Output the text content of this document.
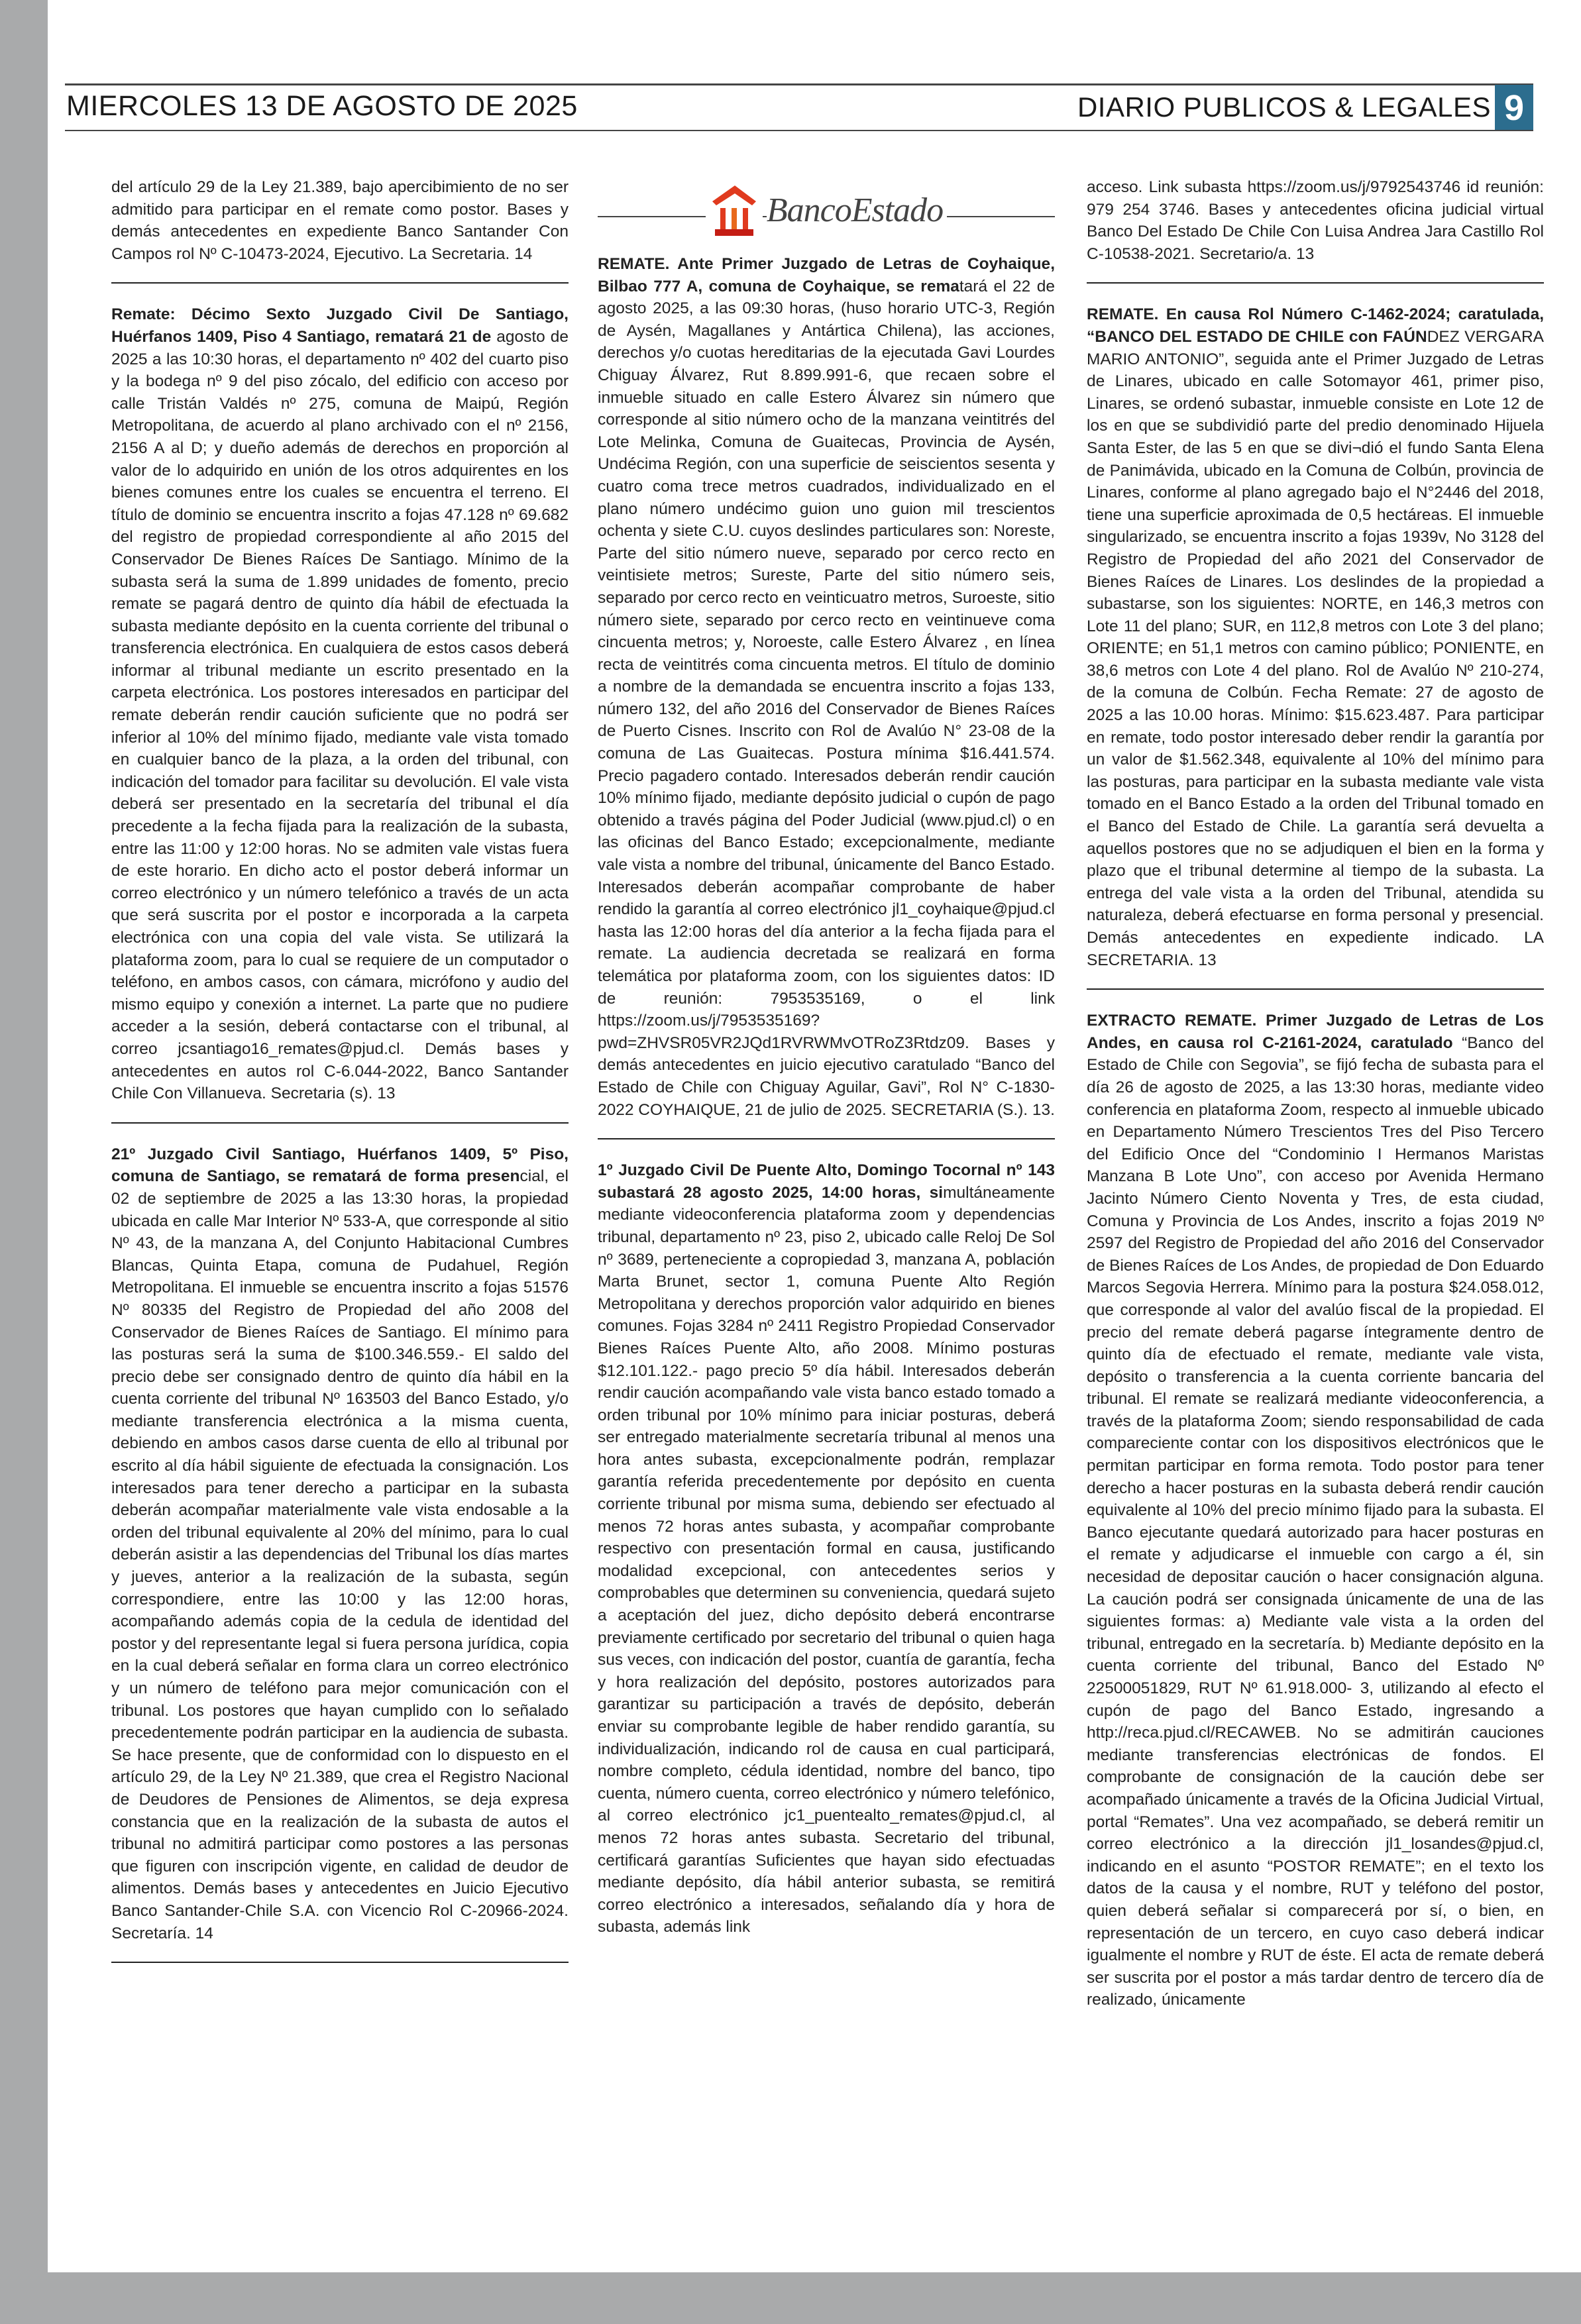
MIERCOLES 13 DE AGOSTO DE 2025	DIARIO PUBLICOS & LEGALES 9

del artículo 29 de la Ley 21.389, bajo apercibimiento de no ser admitido para participar en el remate como postor. Bases y demás antecedentes en expediente Banco Santander Con Campos rol Nº C-10473-2024, Ejecutivo. La Secretaria. 14

Remate: Décimo Sexto Juzgado Civil De Santiago, Huérfanos 1409, Piso 4 Santiago, rematará 21 de agosto de 2025 a las 10:30 horas, el departamento nº 402 del cuarto piso y la bodega nº 9 del piso zócalo, del edificio con acceso por calle Tristán Valdés nº 275, comuna de Maipú, Región Metropolitana, de acuerdo al plano archivado con el nº 2156, 2156 A al D; y dueño además de derechos en proporción al valor de lo adquirido en unión de los otros adquirentes en los bienes comunes entre los cuales se encuentra el terreno. El título de dominio se encuentra inscrito a fojas 47.128 nº 69.682 del registro de propiedad correspondiente al año 2015 del Conservador De Bienes Raíces De Santiago. Mínimo de la subasta será la suma de 1.899 unidades de fomento, precio remate se pagará dentro de quinto día hábil de efectuada la subasta mediante depósito en la cuenta corriente del tribunal o transferencia electrónica. En cualquiera de estos casos deberá informar al tribunal mediante un escrito presentado en la carpeta electrónica. Los postores interesados en participar del remate deberán rendir caución suficiente que no podrá ser inferior al 10% del mínimo fijado, mediante vale vista tomado en cualquier banco de la plaza, a la orden del tribunal, con indicación del tomador para facilitar su devolución. El vale vista deberá ser presentado en la secretaría del tribunal el día precedente a la fecha fijada para la realización de la subasta, entre las 11:00 y 12:00 horas. No se admiten vale vistas fuera de este horario. En dicho acto el postor deberá informar un correo electrónico y un número telefónico a través de un acta que será suscrita por el postor e incorporada a la carpeta electrónica con una copia del vale vista. Se utilizará la plataforma zoom, para lo cual se requiere de un computador o teléfono, en ambos casos, con cámara, micrófono y audio del mismo equipo y conexión a internet. La parte que no pudiere acceder a la sesión, deberá contactarse con el tribunal, al correo jcsantiago16_remates@pjud.cl. Demás bases y antecedentes en autos rol C-6.044-2022, Banco Santander Chile Con Villanueva. Secretaria (s). 13

21º Juzgado Civil Santiago, Huérfanos 1409, 5º Piso, comuna de Santiago, se rematará de forma presencial, el 02 de septiembre de 2025 a las 13:30 horas, la propiedad ubicada en calle Mar Interior Nº 533-A, que corresponde al sitio Nº 43, de la manzana A, del Conjunto Habitacional Cumbres Blancas, Quinta Etapa, comuna de Pudahuel, Región Metropolitana. El inmueble se encuentra inscrito a fojas 51576 Nº 80335 del Registro de Propiedad del año 2008 del Conservador de Bienes Raíces de Santiago. El mínimo para las posturas será la suma de $100.346.559.- El saldo del precio debe ser consignado dentro de quinto día hábil en la cuenta corriente del tribunal Nº 163503 del Banco Estado, y/o mediante transferencia electrónica a la misma cuenta, debiendo en ambos casos darse cuenta de ello al tribunal por escrito al día hábil siguiente de efectuada la consignación. Los interesados para tener derecho a participar en la subasta deberán acompañar materialmente vale vista endosable a la orden del tribunal equivalente al 20% del mínimo, para lo cual deberán asistir a las dependencias del Tribunal los días martes y jueves, anterior a la realización de la subasta, según correspondiere, entre las 10:00 y las 12:00 horas, acompañando además copia de la cedula de identidad del postor y del representante legal si fuera persona jurídica, copia en la cual deberá señalar en forma clara un correo electrónico y un número de teléfono para mejor comunicación con el tribunal. Los postores que hayan cumplido con lo señalado precedentemente podrán participar en la audiencia de subasta. Se hace presente, que de conformidad con lo dispuesto en el artículo 29, de la Ley Nº 21.389, que crea el Registro Nacional de Deudores de Pensiones de Alimentos, se deja expresa constancia que en la realización de la subasta de autos el tribunal no admitirá participar como postores a las personas que figuren con inscripción vigente, en calidad de deudor de alimentos. Demás bases y antecedentes en Juicio Ejecutivo Banco Santander-Chile S.A. con Vicencio Rol C-20966-2024. Secretaría. 14

BancoEstado

REMATE. Ante Primer Juzgado de Letras de Coyhaique, Bilbao 777 A, comuna de Coyhaique, se rematará el 22 de agosto 2025, a las 09:30 horas, (huso horario UTC-3, Región de Aysén, Magallanes y Antártica Chilena), las acciones, derechos y/o cuotas hereditarias de la ejecutada Gavi Lourdes Chiguay Álvarez, Rut 8.899.991-6, que recaen sobre el inmueble situado en calle Estero Álvarez sin número que corresponde al sitio número ocho de la manzana veintitrés del Lote Melinka, Comuna de Guaitecas, Provincia de Aysén, Undécima Región, con una superficie de seiscientos sesenta y cuatro coma trece metros cuadrados, individualizado en el plano número undécimo guion uno guion mil trescientos ochenta y siete C.U. cuyos deslindes particulares son: Noreste, Parte del sitio número nueve, separado por cerco recto en veintisiete metros; Sureste, Parte del sitio número seis, separado por cerco recto en veinticuatro metros, Suroeste, sitio número siete, separado por cerco recto en veintinueve coma cincuenta metros; y, Noroeste, calle Estero Álvarez , en línea recta de veintitrés coma cincuenta metros. El título de dominio a nombre de la demandada se encuentra inscrito a fojas 133, número 132, del año 2016 del Conservador de Bienes Raíces de Puerto Cisnes. Inscrito con Rol de Avalúo N° 23-08 de la comuna de Las Guaitecas. Postura mínima $16.441.574. Precio pagadero contado. Interesados deberán rendir caución 10% mínimo fijado, mediante depósito judicial o cupón de pago obtenido a través página del Poder Judicial (www.pjud.cl) o en las oficinas del Banco Estado; excepcionalmente, mediante vale vista a nombre del tribunal, únicamente del Banco Estado. Interesados deberán acompañar comprobante de haber rendido la garantía al correo electrónico jl1_coyhaique@pjud.cl hasta las 12:00 horas del día anterior a la fecha fijada para el remate. La audiencia decretada se realizará en forma telemática por plataforma zoom, con los siguientes datos: ID de reunión: 7953535169, o el link https://zoom.us/j/7953535169?pwd=ZHVSR05VR2JQd1RVRWMvOTRoZ3Rtdz09. Bases y demás antecedentes en juicio ejecutivo caratulado “Banco del Estado de Chile con Chiguay Aguilar, Gavi”, Rol N° C-1830-2022 COYHAIQUE, 21 de julio de 2025. SECRETARIA (S.). 13.

1º Juzgado Civil De Puente Alto, Domingo Tocornal nº 143 subastará 28 agosto 2025, 14:00 horas, simultáneamente mediante videoconferencia plataforma zoom y dependencias tribunal, departamento nº 23, piso 2, ubicado calle Reloj De Sol nº 3689, perteneciente a copropiedad 3, manzana A, población Marta Brunet, sector 1, comuna Puente Alto Región Metropolitana y derechos proporción valor adquirido en bienes comunes. Fojas 3284 nº 2411 Registro Propiedad Conservador Bienes Raíces Puente Alto, año 2008. Mínimo posturas $12.101.122.- pago precio 5º día hábil. Interesados deberán rendir caución acompañando vale vista banco estado tomado a orden tribunal por 10% mínimo para iniciar posturas, deberá ser entregado materialmente secretaría tribunal al menos una hora antes subasta, excepcionalmente podrán, remplazar garantía referida precedentemente por depósito en cuenta corriente tribunal por misma suma, debiendo ser efectuado al menos 72 horas antes subasta, y acompañar comprobante respectivo con presentación formal en causa, justificando modalidad excepcional, con antecedentes serios y comprobables que determinen su conveniencia, quedará sujeto a aceptación del juez, dicho depósito deberá encontrarse previamente certificado por secretario del tribunal o quien haga sus veces, con indicación del postor, cuantía de garantía, fecha y hora realización del depósito, postores autorizados para garantizar su participación a través de depósito, deberán enviar su comprobante legible de haber rendido garantía, su individualización, indicando rol de causa en cual participará, nombre completo, cédula identidad, nombre del banco, tipo cuenta, número cuenta, correo electrónico y número telefónico, al correo electrónico jc1_puentealto_remates@pjud.cl, al menos 72 horas antes subasta. Secretario del tribunal, certificará garantías Suficientes que hayan sido efectuadas mediante depósito, día hábil anterior subasta, se remitirá correo electrónico a interesados, señalando día y hora de subasta, además link

acceso. Link subasta https://zoom.us/j/9792543746 id reunión: 979 254 3746. Bases y antecedentes oficina judicial virtual Banco Del Estado De Chile Con Luisa Andrea Jara Castillo Rol C-10538-2021. Secretario/a. 13

REMATE. En causa Rol Número C-1462-2024; caratulada, “BANCO DEL ESTADO DE CHILE con FAÚNDEZ VERGARA MARIO ANTONIO”, seguida ante el Primer Juzgado de Letras de Linares, ubicado en calle Sotomayor 461, primer piso, Linares, se ordenó subastar, inmueble consiste en Lote 12 de los en que se subdividió parte del predio denominado Hijuela Santa Ester, de las 5 en que se divi¬dió el fundo Santa Elena de Panimávida, ubicado en la Comuna de Colbún, provincia de Linares, conforme al plano agregado bajo el N°2446 del 2018, tiene una superficie aproximada de 0,5 hectáreas. El inmueble singularizado, se encuentra inscrito a fojas 1939v, No 3128 del Registro de Propiedad del año 2021 del Conservador de Bienes Raíces de Linares. Los deslindes de la propiedad a subastarse, son los siguientes: NORTE, en 146,3 metros con Lote 11 del plano; SUR, en 112,8 metros con Lote 3 del plano; ORIENTE; en 51,1 metros con camino público; PONIENTE, en 38,6 metros con Lote 4 del plano. Rol de Avalúo Nº 210-274, de la comuna de Colbún. Fecha Remate: 27 de agosto de 2025 a las 10.00 horas. Mínimo: $15.623.487. Para participar en remate, todo postor interesado deber rendir la garantía por un valor de $1.562.348, equivalente al 10% del mínimo para las posturas, para participar en la subasta mediante vale vista tomado en el Banco Estado a la orden del Tribunal tomado en el Banco del Estado de Chile. La garantía será devuelta a aquellos postores que no se adjudiquen el bien en la forma y plazo que el tribunal determine al tiempo de la subasta. La entrega del vale vista a la orden del Tribunal, atendida su naturaleza, deberá efectuarse en forma personal y presencial. Demás antecedentes en expediente indicado. LA SECRETARIA. 13

EXTRACTO REMATE. Primer Juzgado de Letras de Los Andes, en causa rol C-2161-2024, caratulado “Banco del Estado de Chile con Segovia”, se fijó fecha de subasta para el día 26 de agosto de 2025, a las 13:30 horas, mediante video conferencia en plataforma Zoom, respecto al inmueble ubicado en Departamento Número Trescientos Tres del Piso Tercero del Edificio Once del “Condominio I Hermanos Maristas Manzana B Lote Uno”, con acceso por Avenida Hermano Jacinto Número Ciento Noventa y Tres, de esta ciudad, Comuna y Provincia de Los Andes, inscrito a fojas 2019 Nº 2597 del Registro de Propiedad del año 2016 del Conservador de Bienes Raíces de Los Andes, de propiedad de Don Eduardo Marcos Segovia Herrera. Mínimo para la postura $24.058.012, que corresponde al valor del avalúo fiscal de la propiedad. El precio del remate deberá pagarse íntegramente dentro de quinto día de efectuado el remate, mediante vale vista, depósito o transferencia a la cuenta corriente bancaria del tribunal. El remate se realizará mediante videoconferencia, a través de la plataforma Zoom; siendo responsabilidad de cada compareciente contar con los dispositivos electrónicos que le permitan participar en forma remota. Todo postor para tener derecho a hacer posturas en la subasta deberá rendir caución equivalente al 10% del precio mínimo fijado para la subasta. El Banco ejecutante quedará autorizado para hacer posturas en el remate y adjudicarse el inmueble con cargo a él, sin necesidad de depositar caución o hacer consignación alguna. La caución podrá ser consignada únicamente de una de las siguientes formas: a) Mediante vale vista a la orden del tribunal, entregado en la secretaría. b) Mediante depósito en la cuenta corriente del tribunal, Banco del Estado Nº 22500051829, RUT Nº 61.918.000- 3, utilizando al efecto el cupón de pago del Banco Estado, ingresando a http://reca.pjud.cl/RECAWEB. No se admitirán cauciones mediante transferencias electrónicas de fondos. El comprobante de consignación de la caución debe ser acompañado únicamente a través de la Oficina Judicial Virtual, portal “Remates”. Una vez acompañado, se deberá remitir un correo electrónico a la dirección jl1_losandes@pjud.cl, indicando en el asunto “POSTOR REMATE”; en el texto los datos de la causa y el nombre, RUT y teléfono del postor, quien deberá señalar si comparecerá por sí, o bien, en representación de un tercero, en cuyo caso deberá indicar igualmente el nombre y RUT de éste. El acta de remate deberá ser suscrita por el postor a más tardar dentro de tercero día de realizado, únicamente
